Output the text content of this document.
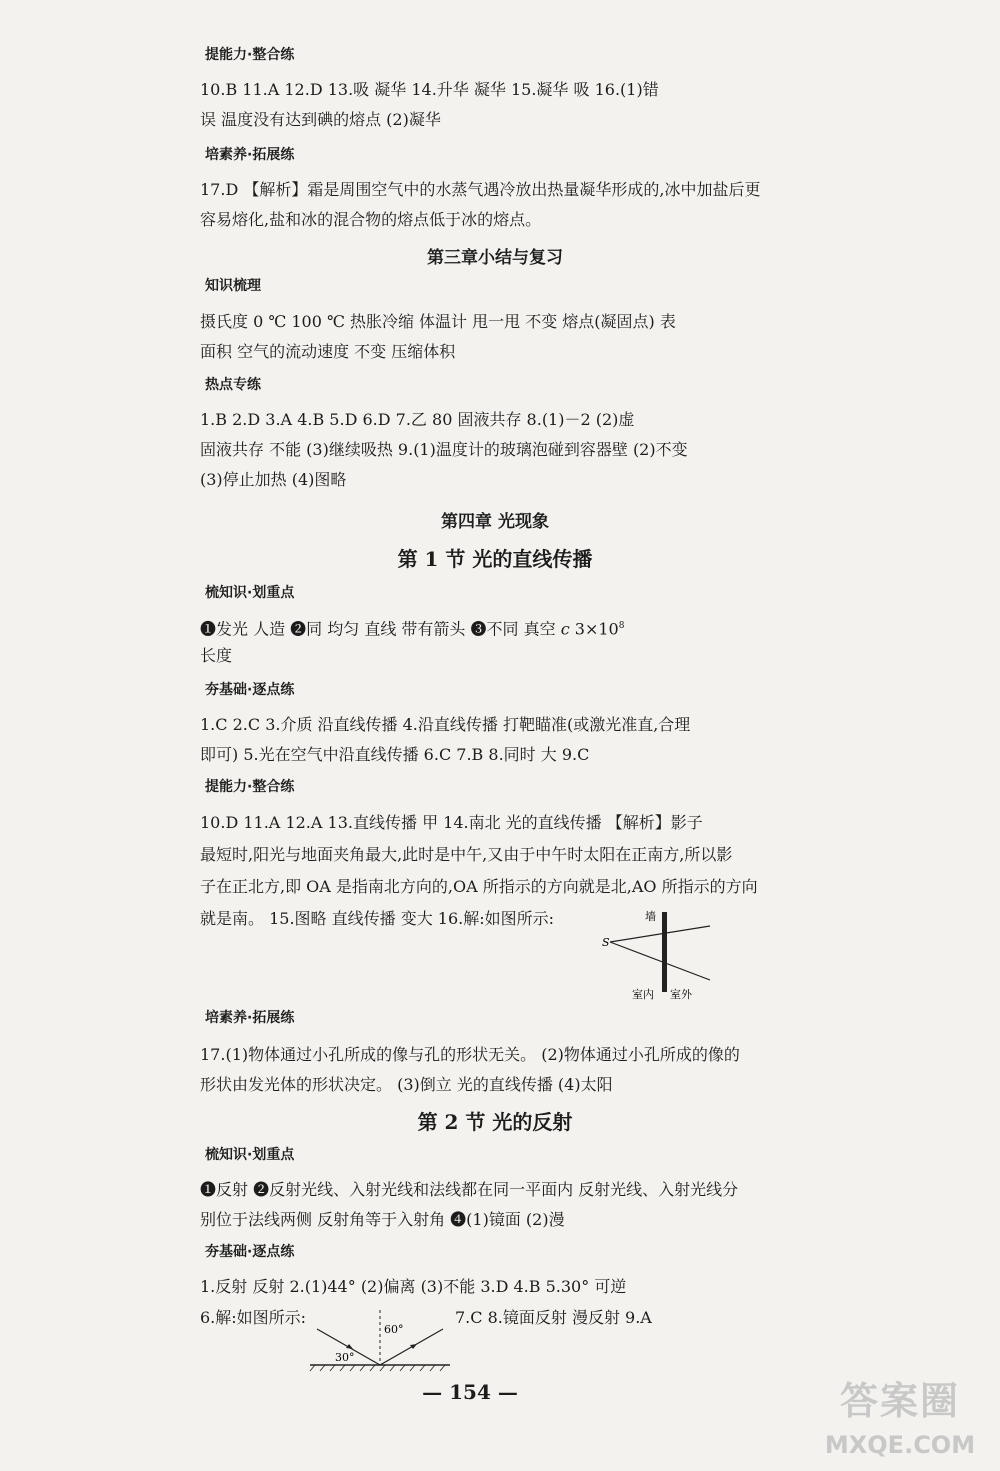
提能力·整合练
10.B 11.A 12.D 13.吸 凝华 14.升华 凝华 15.凝华 吸 16.(1)错
误 温度没有达到碘的熔点 (2)凝华
培素养·拓展练
17.D 【解析】霜是周围空气中的水蒸气遇冷放出热量凝华形成的,冰中加盐后更
容易熔化,盐和冰的混合物的熔点低于冰的熔点。
第三章小结与复习
知识梳理
摄氏度 0 ℃ 100 ℃ 热胀冷缩 体温计 甩一甩 不变 熔点(凝固点) 表
面积 空气的流动速度 不变 压缩体积
热点专练
1.B 2.D 3.A 4.B 5.D 6.D 7.乙 80 固液共存 8.(1)－2 (2)虚
固液共存 不能 (3)继续吸热 9.(1)温度计的玻璃泡碰到容器壁 (2)不变
(3)停止加热 (4)图略
第四章 光现象
第 1 节 光的直线传播
梳知识·划重点
❶发光 人造 ❷同 均匀 直线 带有箭头 ❸不同 真空 c $3\times 10^8$
长度
夯基础·逐点练
1.C 2.C 3.介质 沿直线传播 4.沿直线传播 打靶瞄准(或激光准直,合理
即可) 5.光在空气中沿直线传播 6.C 7.B 8.同时 大 9.C
提能力·整合练
10.D 11.A 12.A 13.直线传播 甲 14.南北 光的直线传播 【解析】影子
最短时,阳光与地面夹角最大,此时是中午,又由于中午时太阳在正南方,所以影
子在正北方,即 OA 是指南北方向的,OA 所指示的方向就是北,AO 所指示的方向
就是南。 15.图略 直线传播 变大 16.解:如图所示:	墙
S
室内 室外
培素养·拓展练
17.(1)物体通过小孔所成的像与孔的形状无关。 (2)物体通过小孔所成的像的
形状由发光体的形状决定。 (3)倒立 光的直线传播 (4)太阳
第 2 节 光的反射
梳知识·划重点
❶反射 ❷反射光线、入射光线和法线都在同一平面内 反射光线、入射光线分
别位于法线两侧 反射角等于入射角 ❹(1)镜面 (2)漫
夯基础·逐点练
1.反射 反射 2.(1)44° (2)偏离 (3)不能 3.D 4.B 5.30° 可逆
6.解:如图所示:	7.C 8.镜面反射 漫反射 9.A
30°
60°
— 154 —	答案圈
MXQE.COM
